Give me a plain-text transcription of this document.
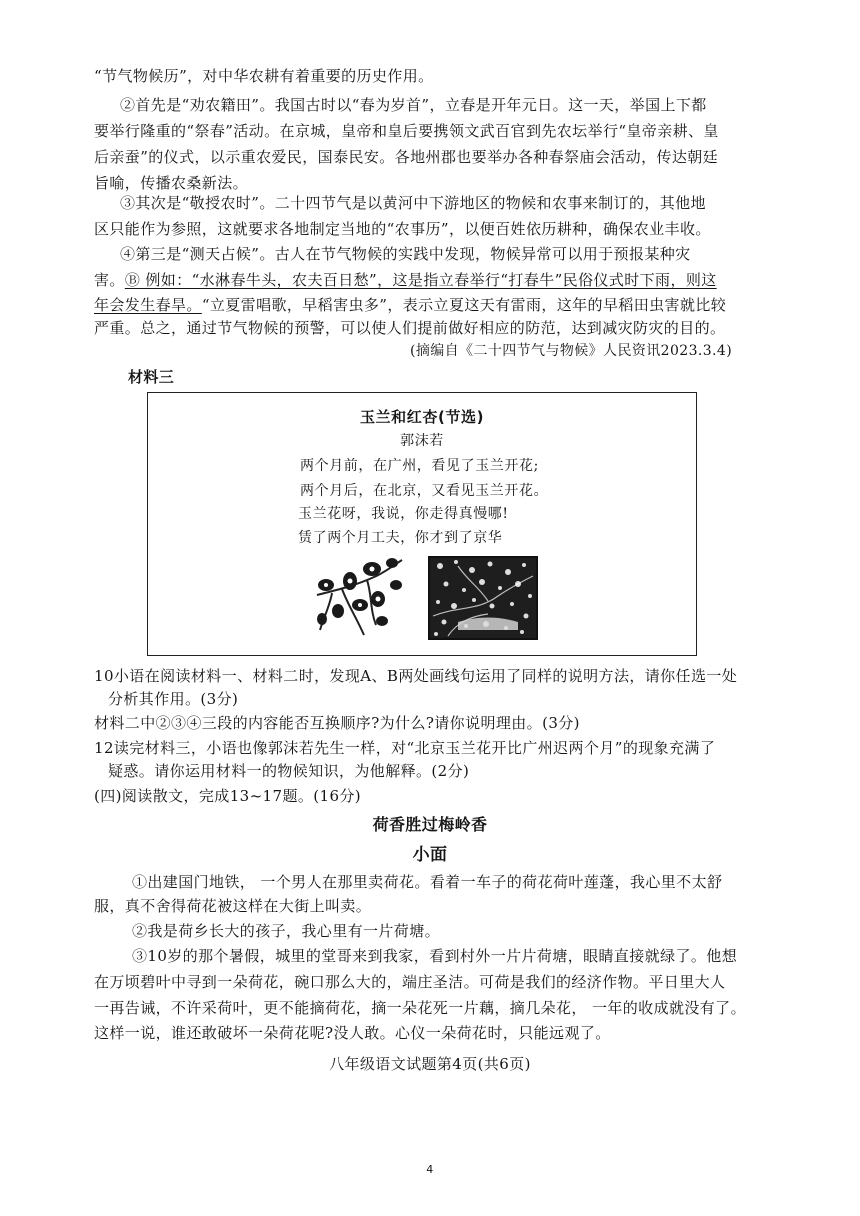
“节气物候历”，对中华农耕有着重要的历史作用。
②首先是“劝农籍田”。我国古时以“春为岁首”，立春是开年元日。这一天，举国上下都
要举行隆重的“祭春”活动。在京城，皇帝和皇后要携领文武百官到先农坛举行“皇帝亲耕、皇
后亲蚕”的仪式，以示重农爱民，国泰民安。各地州郡也要举办各种春祭庙会活动，传达朝廷
旨喻，传播农桑新法。
③其次是“敬授农时”。二十四节气是以黄河中下游地区的物候和农事来制订的，其他地
区只能作为参照，这就要求各地制定当地的“农事历”，以便百姓依历耕种，确保农业丰收。
④第三是“测天占候”。古人在节气物候的实践中发现，物候异常可以用于预报某种灾
害。Ⓑ 例如：“水淋春牛头，农夫百日愁”，这是指立春举行“打春牛”民俗仪式时下雨，则这
年会发生春旱。“立夏雷唱歌，早稻害虫多”，表示立夏这天有雷雨，这年的早稻田虫害就比较
严重。总之，通过节气物候的预警，可以使人们提前做好相应的防范，达到减灾防灾的目的。
(摘编自《二十四节气与物候》人民资讯2023.3.4)
材料三
玉兰和红杏(节选)
郭沫若
两个月前，在广州，看见了玉兰开花;
两个月后，在北京，又看见玉兰开花。
玉兰花呀，我说，你走得真慢哪!
赁了两个月工夫，你才到了京华
10小语在阅读材料一、材料二时，发现A、B两处画线句运用了同样的说明方法，请你任选一处
分析其作用。(3分)
材料二中②③④三段的内容能否互换顺序?为什么?请你说明理由。(3分)
12读完材料三，小语也像郭沫若先生一样，对“北京玉兰花开比广州迟两个月”的现象充满了
疑惑。请你运用材料一的物候知识，为他解释。(2分)
(四)阅读散文，完成13~17题。(16分)
荷香胜过梅岭香
小面
①出建国门地铁， 一个男人在那里卖荷花。看着一车子的荷花荷叶莲蓬，我心里不太舒
服，真不舍得荷花被这样在大街上叫卖。
②我是荷乡长大的孩子，我心里有一片荷塘。
③10岁的那个暑假，城里的堂哥来到我家，看到村外一片片荷塘，眼睛直接就绿了。他想
在万顷碧叶中寻到一朵荷花，碗口那么大的，端庄圣洁。可荷是我们的经济作物。平日里大人
一再告诫，不许采荷叶，更不能摘荷花，摘一朵花死一片藕，摘几朵花， 一年的收成就没有了。
这样一说，谁还敢破坏一朵荷花呢?没人敢。心仪一朵荷花时，只能远观了。
八年级语文试题第4页(共6页)
4
